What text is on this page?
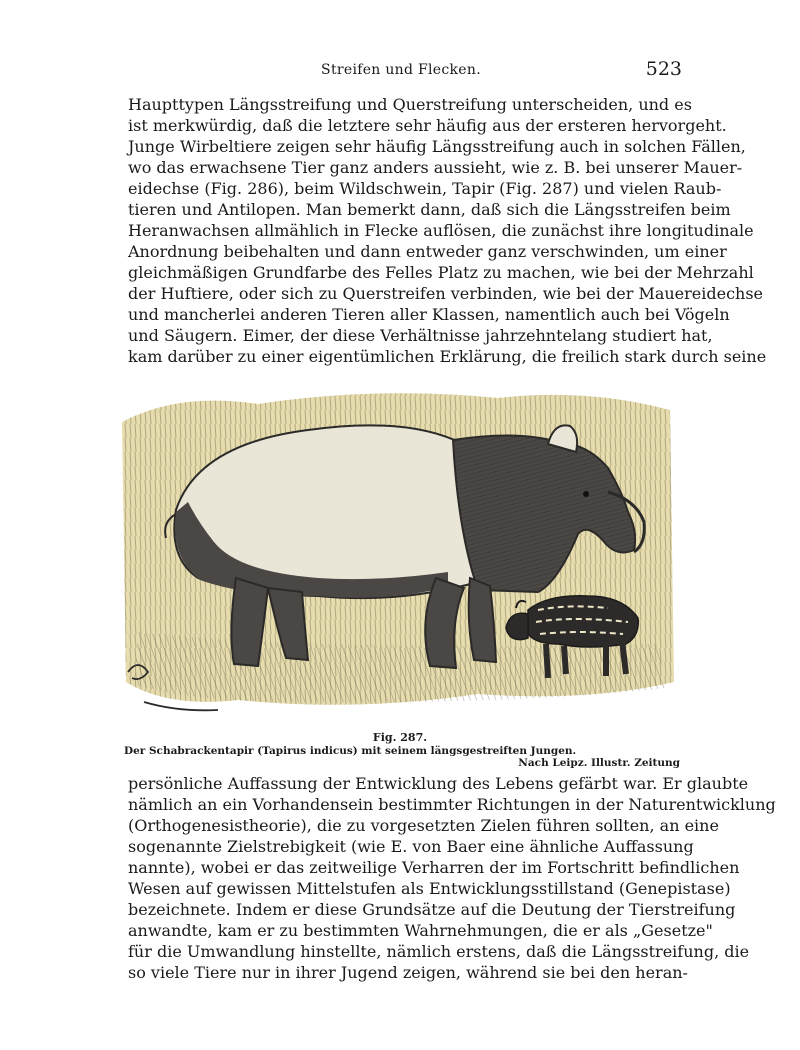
Streifen und Flecken.	523
Haupttypen Längsstreifung und Querstreifung unterscheiden, und es
ist merkwürdig, daß die letztere sehr häufig aus der ersteren hervorgeht.
Junge Wirbeltiere zeigen sehr häufig Längsstreifung auch in solchen Fällen,
wo das erwachsene Tier ganz anders aussieht, wie z. B. bei unserer Mauer-
eidechse (Fig. 286), beim Wildschwein, Tapir (Fig. 287) und vielen Raub-
tieren und Antilopen. Man bemerkt dann, daß sich die Längsstreifen beim
Heranwachsen allmählich in Flecke auflösen, die zunächst ihre longitudinale
Anordnung beibehalten und dann entweder ganz verschwinden, um einer
gleichmäßigen Grundfarbe des Felles Platz zu machen, wie bei der Mehrzahl
der Huftiere, oder sich zu Querstreifen verbinden, wie bei der Mauereidechse
und mancherlei anderen Tieren aller Klassen, namentlich auch bei Vögeln
und Säugern. Eimer, der diese Verhältnisse jahrzehntelang studiert hat,
kam darüber zu einer eigentümlichen Erklärung, die freilich stark durch seine
Fig. 287.
Der Schabrackentapir (Tapirus indicus) mit seinem längsgestreiften Jungen.
Nach Leipz. Illustr. Zeitung
persönliche Auffassung der Entwicklung des Lebens gefärbt war. Er glaubte
nämlich an ein Vorhandensein bestimmter Richtungen in der Naturentwicklung
(Orthogenesistheorie), die zu vorgesetzten Zielen führen sollten, an eine
sogenannte Zielstrebigkeit (wie E. von Baer eine ähnliche Auffassung
nannte), wobei er das zeitweilige Verharren der im Fortschritt befindlichen
Wesen auf gewissen Mittelstufen als Entwicklungsstillstand (Genepistase)
bezeichnete. Indem er diese Grundsätze auf die Deutung der Tierstreifung
anwandte, kam er zu bestimmten Wahrnehmungen, die er als „Gesetze"
für die Umwandlung hinstellte, nämlich erstens, daß die Längsstreifung, die
so viele Tiere nur in ihrer Jugend zeigen, während sie bei den heran-
